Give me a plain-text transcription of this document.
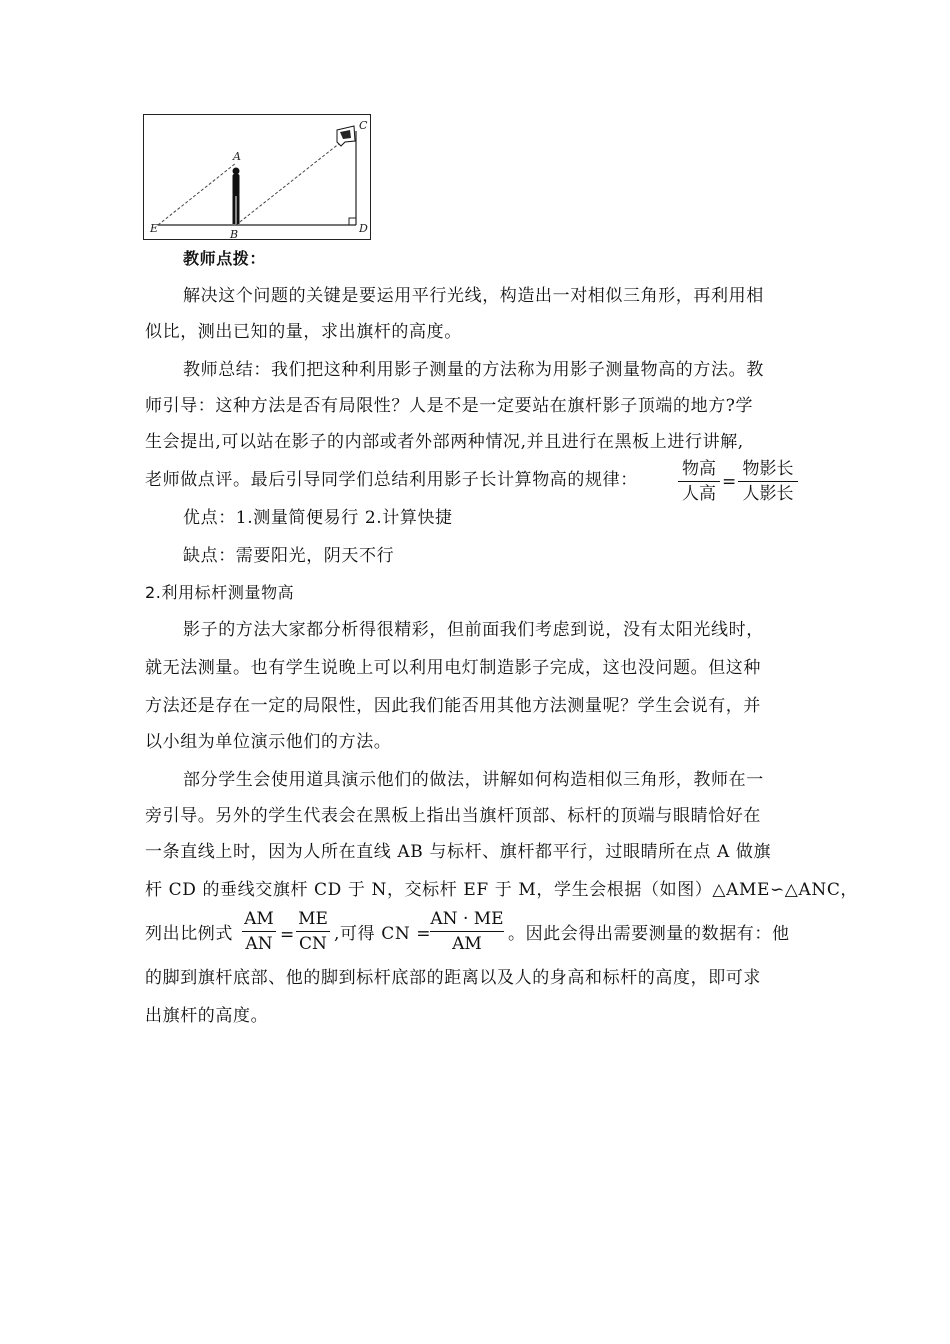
A
B
C
D
E
教师点拨：
解决这个问题的关键是要运用平行光线，构造出一对相似三角形，再利用相
似比，测出已知的量，求出旗杆的高度。
教师总结：我们把这种利用影子测量的方法称为用影子测量物高的方法。教
师引导：这种方法是否有局限性？人是不是一定要站在旗杆影子顶端的地方?学
生会提出,可以站在影子的内部或者外部两种情况,并且进行在黑板上进行讲解,
老师做点评。最后引导同学们总结利用影子长计算物高的规律：
物高
人高
=
物影长
人影长
优点：1.测量简便易行 2.计算快捷
缺点：需要阳光，阴天不行
2.利用标杆测量物高
影子的方法大家都分析得很精彩，但前面我们考虑到说，没有太阳光线时，
就无法测量。也有学生说晚上可以利用电灯制造影子完成，这也没问题。但这种
方法还是存在一定的局限性，因此我们能否用其他方法测量呢？学生会说有，并
以小组为单位演示他们的方法。
部分学生会使用道具演示他们的做法，讲解如何构造相似三角形，教师在一
旁引导。另外的学生代表会在黑板上指出当旗杆顶部、标杆的顶端与眼睛恰好在
一条直线上时，因为人所在直线 AB 与标杆、旗杆都平行，过眼睛所在点 A 做旗
杆 CD 的垂线交旗杆 CD 于 N，交标杆 EF 于 M，学生会根据（如图）△AME∽△ANC，
列出比例式
AM
AN =
ME
CN ,可得 CN =
AN · ME
AM	。因此会得出需要测量的数据有：他
的脚到旗杆底部、他的脚到标杆底部的距离以及人的身高和标杆的高度，即可求
出旗杆的高度。
